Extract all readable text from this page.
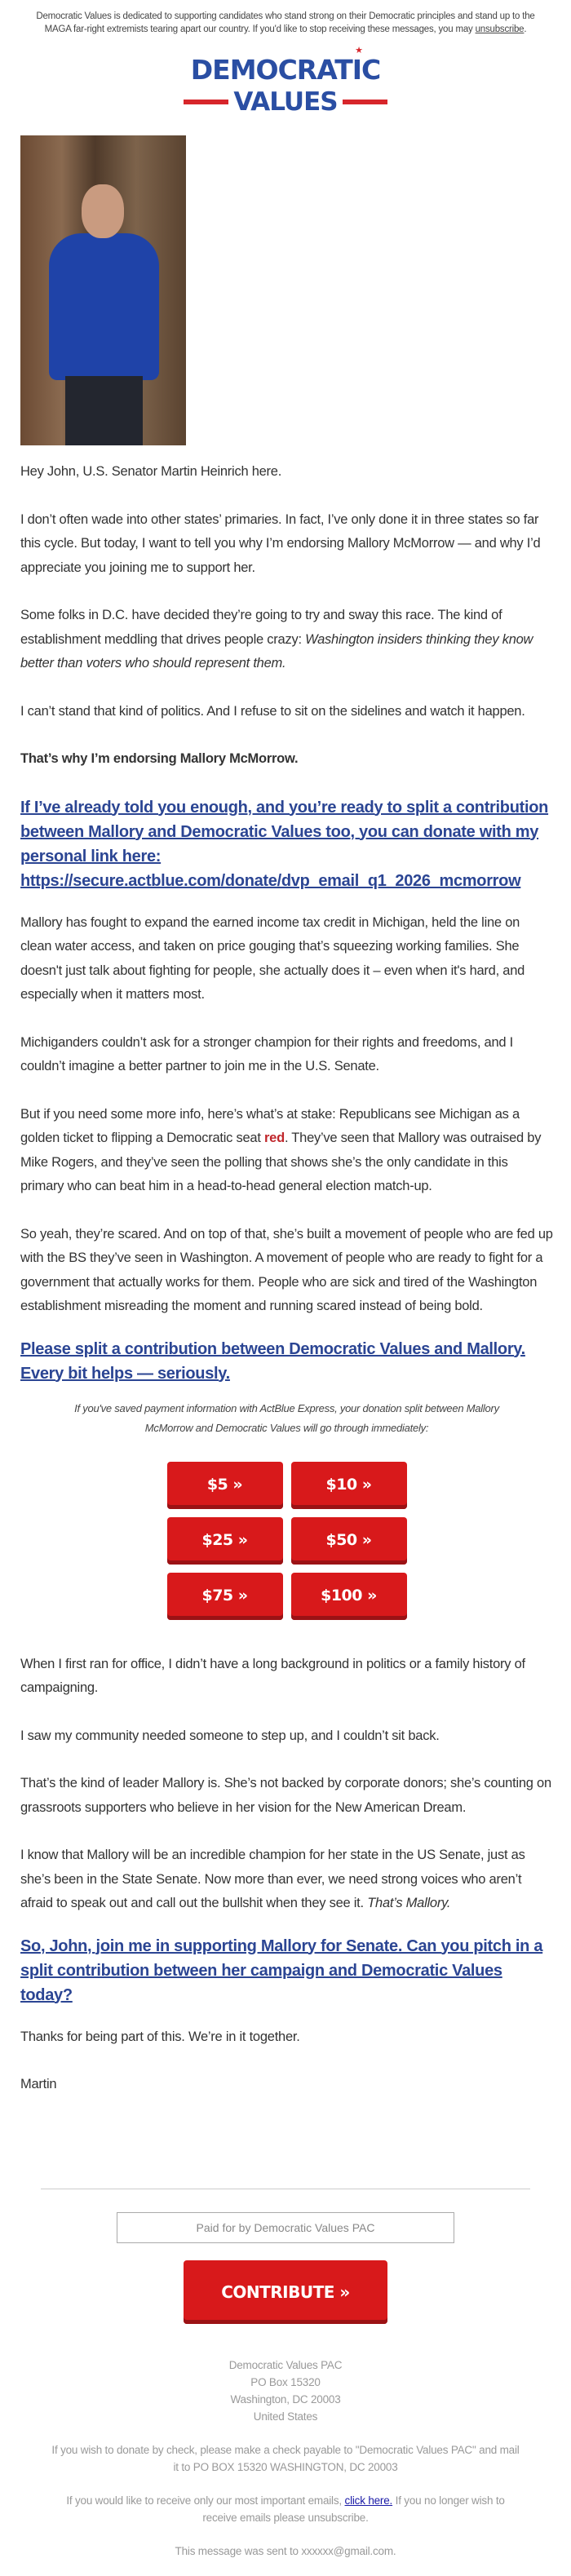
Democratic Values is dedicated to supporting candidates who stand strong on their Democratic principles and stand up to the MAGA far-right extremists tearing apart our country. If you'd like to stop receiving these messages, you may unsubscribe.
★
DEMOCRATIC
VALUES

Hey John, U.S. Senator Martin Heinrich here.

I don’t often wade into other states’ primaries. In fact, I’ve only done it in three states so far this cycle. But today, I want to tell you why I’m endorsing Mallory McMorrow — and why I’d appreciate you joining me to support her.

Some folks in D.C. have decided they’re going to try and sway this race. The kind of establishment meddling that drives people crazy: Washington insiders thinking they know better than voters who should represent them.

I can’t stand that kind of politics. And I refuse to sit on the sidelines and watch it happen.

That’s why I’m endorsing Mallory McMorrow.

If I’ve already told you enough, and you’re ready to split a contribution between Mallory and Democratic Values too, you can donate with my personal link here: https://secure.actblue.com/donate/dvp_email_q1_2026_mcmorrow

Mallory has fought to expand the earned income tax credit in Michigan, held the line on clean water access, and taken on price gouging that’s squeezing working families. She doesn't just talk about fighting for people, she actually does it – even when it's hard, and especially when it matters most.

Michiganders couldn’t ask for a stronger champion for their rights and freedoms, and I couldn’t imagine a better partner to join me in the U.S. Senate.

But if you need some more info, here’s what’s at stake: Republicans see Michigan as a golden ticket to flipping a Democratic seat red. They’ve seen that Mallory was outraised by Mike Rogers, and they’ve seen the polling that shows she’s the only candidate in this primary who can beat him in a head-to-head general election match-up.

So yeah, they’re scared. And on top of that, she’s built a movement of people who are fed up with the BS they’ve seen in Washington. A movement of people who are ready to fight for a government that actually works for them. People who are sick and tired of the Washington establishment misreading the moment and running scared instead of being bold.

Please split a contribution between Democratic Values and Mallory. Every bit helps — seriously.

If you've saved payment information with ActBlue Express, your donation split between Mallory McMorrow and Democratic Values will go through immediately:

$5 »	$10 »
$25 »	$50 »
$75 »	$100 »

When I first ran for office, I didn’t have a long background in politics or a family history of campaigning.

I saw my community needed someone to step up, and I couldn’t sit back.

That’s the kind of leader Mallory is. She’s not backed by corporate donors; she’s counting on grassroots supporters who believe in her vision for the New American Dream.

I know that Mallory will be an incredible champion for her state in the US Senate, just as she’s been in the State Senate. Now more than ever, we need strong voices who aren’t afraid to speak out and call out the bullshit when they see it. That’s Mallory.

So, John, join me in supporting Mallory for Senate. Can you pitch in a split contribution between her campaign and Democratic Values today?

Thanks for being part of this. We’re in it together.

Martin

Paid for by Democratic Values PAC
CONTRIBUTE »

Democratic Values PAC
PO Box 15320
Washington, DC 20003
United States

If you wish to donate by check, please make a check payable to "Democratic Values PAC" and mail it to PO BOX 15320 WASHINGTON, DC 20003

If you would like to receive only our most important emails, click here. If you no longer wish to receive emails please unsubscribe.

This message was sent to xxxxxx@gmail.com.
